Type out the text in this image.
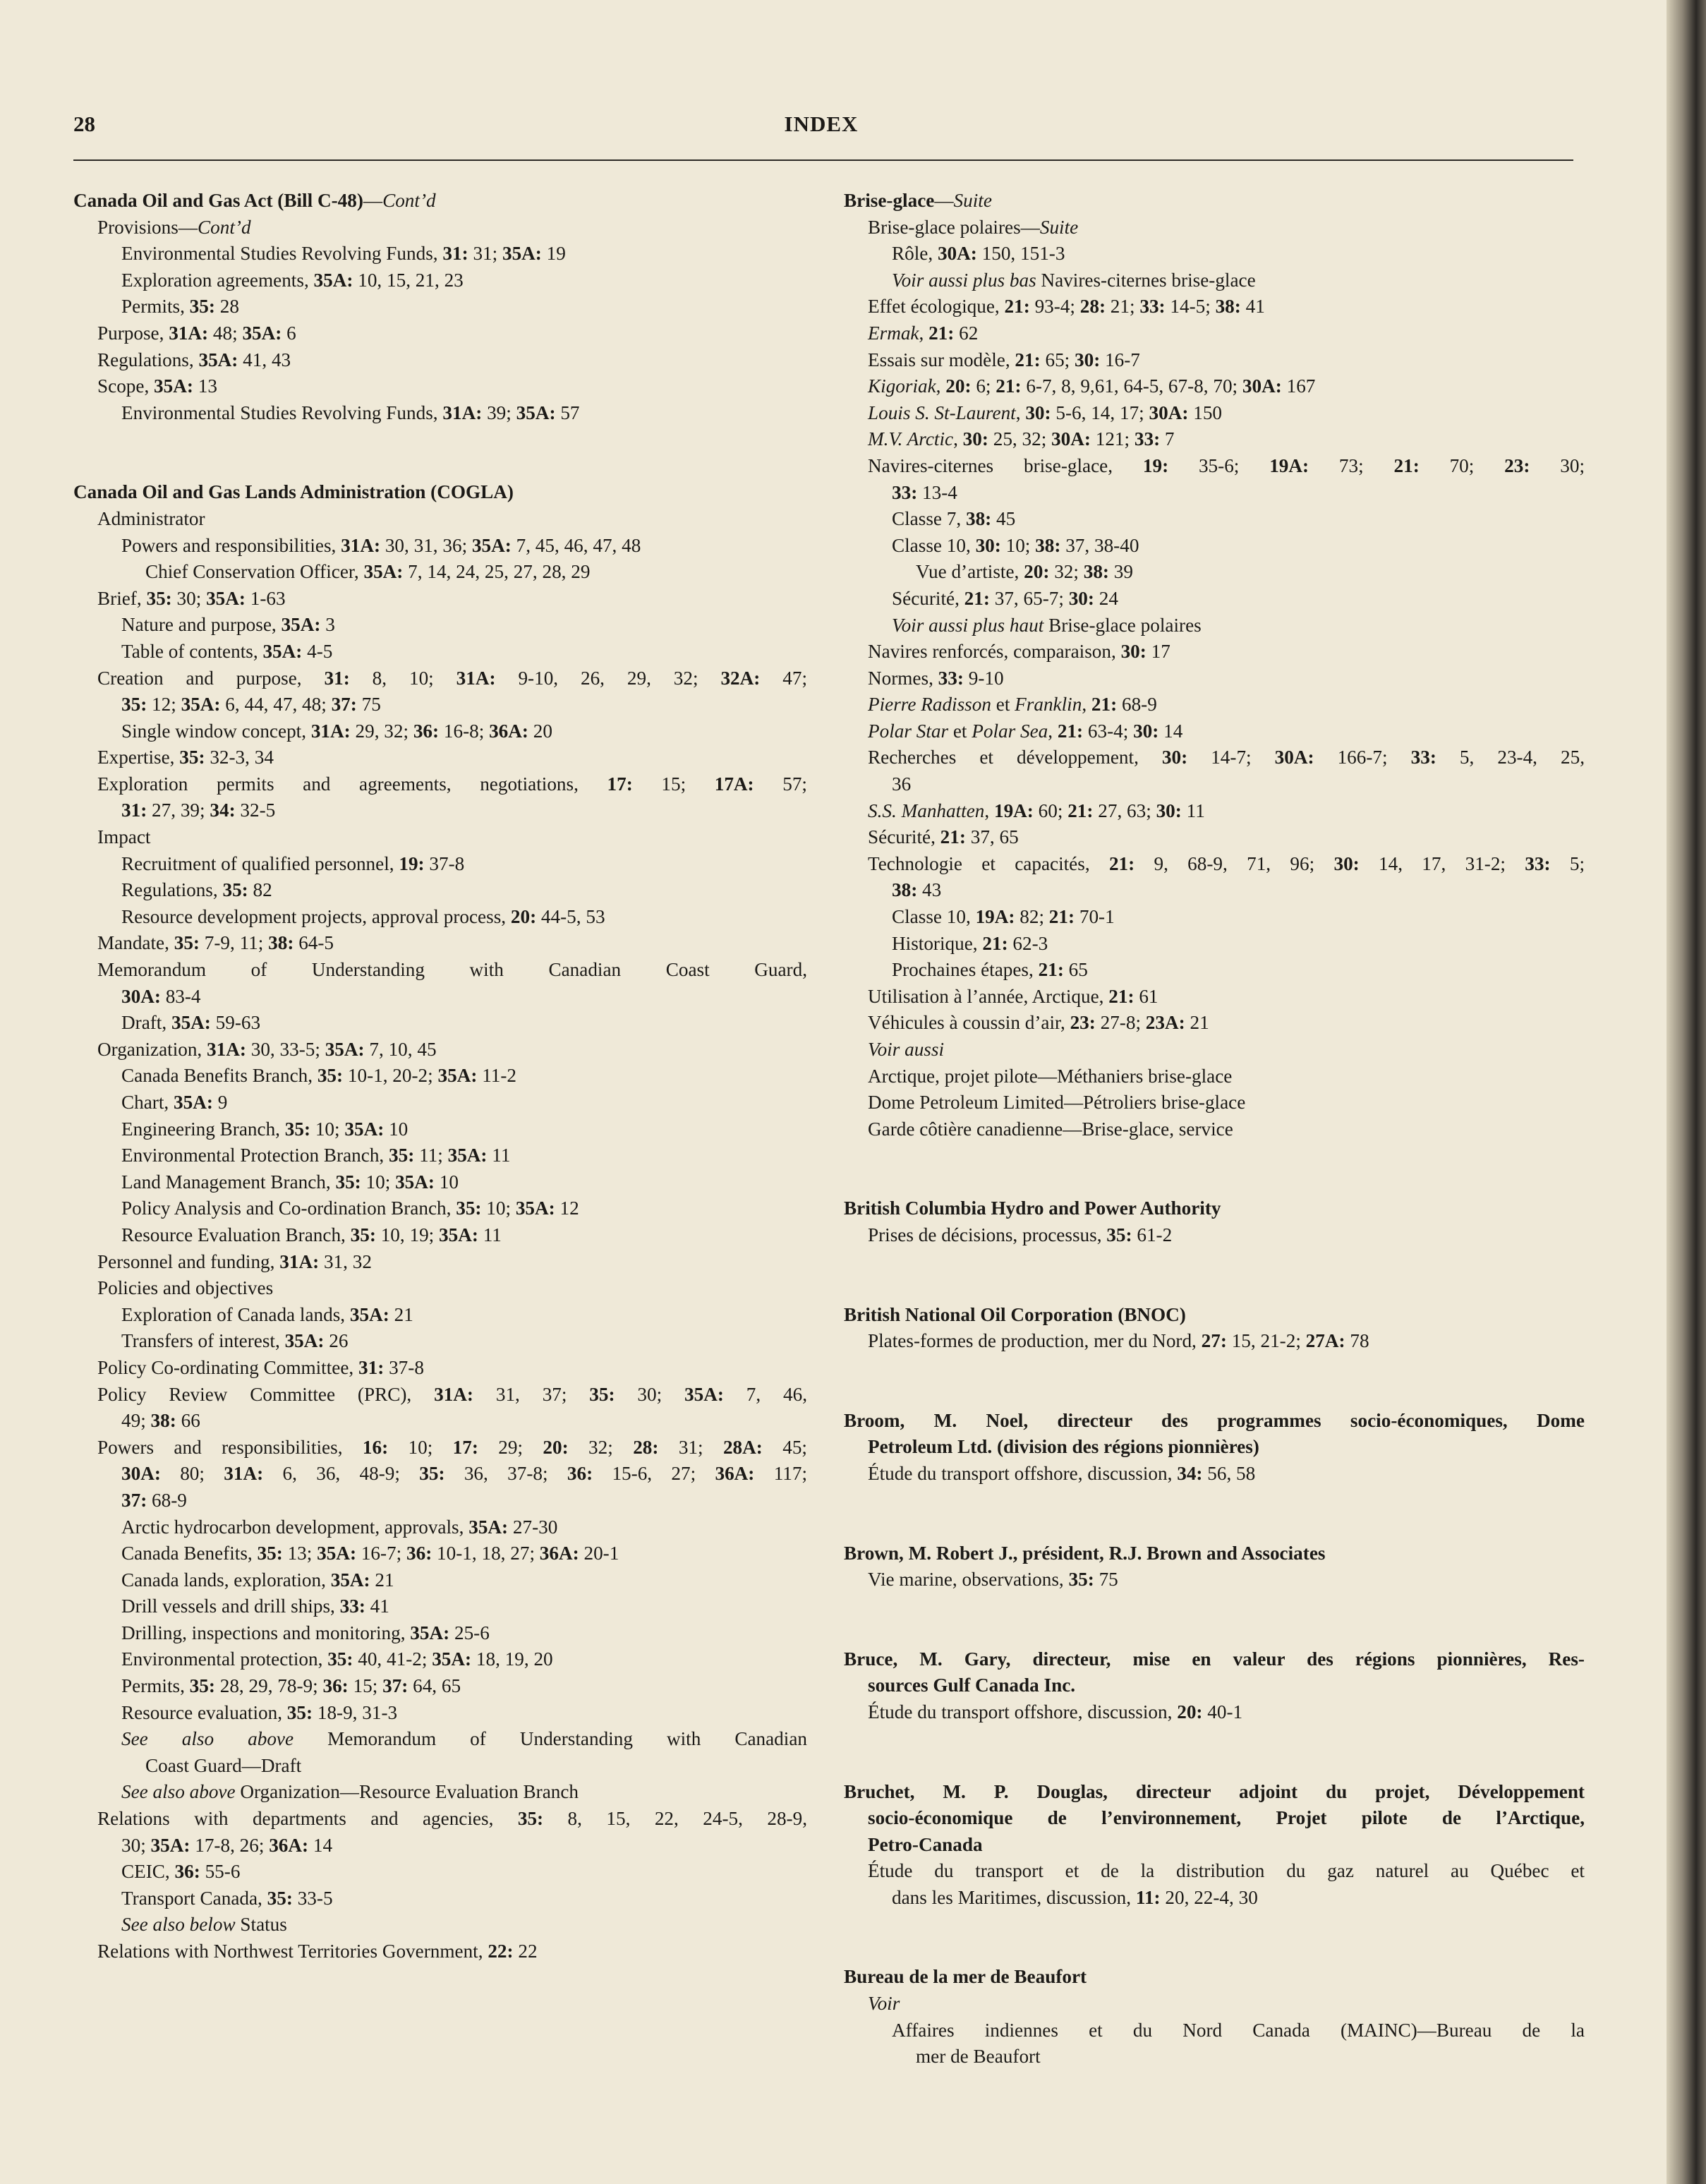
INDEX
28
Canada Oil and Gas Act (Bill C-48)—Cont’d
Provisions—Cont’d
Environmental Studies Revolving Funds, 31: 31; 35A: 19
Exploration agreements, 35A: 10, 15, 21, 23
Permits, 35: 28
Purpose, 31A: 48; 35A: 6
Regulations, 35A: 41, 43
Scope, 35A: 13
Environmental Studies Revolving Funds, 31A: 39; 35A: 57
Canada Oil and Gas Lands Administration (COGLA)
Administrator
Powers and responsibilities, 31A: 30, 31, 36; 35A: 7, 45, 46, 47, 48
Chief Conservation Officer, 35A: 7, 14, 24, 25, 27, 28, 29
Brief, 35: 30; 35A: 1-63
Nature and purpose, 35A: 3
Table of contents, 35A: 4-5
Creation and purpose, 31: 8, 10; 31A: 9-10, 26, 29, 32; 32A: 47;
35: 12; 35A: 6, 44, 47, 48; 37: 75
Single window concept, 31A: 29, 32; 36: 16-8; 36A: 20
Expertise, 35: 32-3, 34
Exploration permits and agreements, negotiations, 17: 15; 17A: 57;
31: 27, 39; 34: 32-5
Impact
Recruitment of qualified personnel, 19: 37-8
Regulations, 35: 82
Resource development projects, approval process, 20: 44-5, 53
Mandate, 35: 7-9, 11; 38: 64-5
Memorandum of Understanding with Canadian Coast Guard,
30A: 83-4
Draft, 35A: 59-63
Organization, 31A: 30, 33-5; 35A: 7, 10, 45
Canada Benefits Branch, 35: 10-1, 20-2; 35A: 11-2
Chart, 35A: 9
Engineering Branch, 35: 10; 35A: 10
Environmental Protection Branch, 35: 11; 35A: 11
Land Management Branch, 35: 10; 35A: 10
Policy Analysis and Co-ordination Branch, 35: 10; 35A: 12
Resource Evaluation Branch, 35: 10, 19; 35A: 11
Personnel and funding, 31A: 31, 32
Policies and objectives
Exploration of Canada lands, 35A: 21
Transfers of interest, 35A: 26
Policy Co-ordinating Committee, 31: 37-8
Policy Review Committee (PRC), 31A: 31, 37; 35: 30; 35A: 7, 46,
49; 38: 66
Powers and responsibilities, 16: 10; 17: 29; 20: 32; 28: 31; 28A: 45;
30A: 80; 31A: 6, 36, 48-9; 35: 36, 37-8; 36: 15-6, 27; 36A: 117;
37: 68-9
Arctic hydrocarbon development, approvals, 35A: 27-30
Canada Benefits, 35: 13; 35A: 16-7; 36: 10-1, 18, 27; 36A: 20-1
Canada lands, exploration, 35A: 21
Drill vessels and drill ships, 33: 41
Drilling, inspections and monitoring, 35A: 25-6
Environmental protection, 35: 40, 41-2; 35A: 18, 19, 20
Permits, 35: 28, 29, 78-9; 36: 15; 37: 64, 65
Resource evaluation, 35: 18-9, 31-3
See also above Memorandum of Understanding with Canadian
Coast Guard—Draft
See also above Organization—Resource Evaluation Branch
Relations with departments and agencies, 35: 8, 15, 22, 24-5, 28-9,
30; 35A: 17-8, 26; 36A: 14
CEIC, 36: 55-6
Transport Canada, 35: 33-5
See also below Status
Relations with Northwest Territories Government, 22: 22
Brise-glace—Suite
Brise-glace polaires—Suite
Rôle, 30A: 150, 151-3
Voir aussi plus bas Navires-citernes brise-glace
Effet écologique, 21: 93-4; 28: 21; 33: 14-5; 38: 41
Ermak, 21: 62
Essais sur modèle, 21: 65; 30: 16-7
Kigoriak, 20: 6; 21: 6-7, 8, 9,61, 64-5, 67-8, 70; 30A: 167
Louis S. St-Laurent, 30: 5-6, 14, 17; 30A: 150
M.V. Arctic, 30: 25, 32; 30A: 121; 33: 7
Navires-citernes brise-glace, 19: 35-6; 19A: 73; 21: 70; 23: 30;
33: 13-4
Classe 7, 38: 45
Classe 10, 30: 10; 38: 37, 38-40
Vue d’artiste, 20: 32; 38: 39
Sécurité, 21: 37, 65-7; 30: 24
Voir aussi plus haut Brise-glace polaires
Navires renforcés, comparaison, 30: 17
Normes, 33: 9-10
Pierre Radisson et Franklin, 21: 68-9
Polar Star et Polar Sea, 21: 63-4; 30: 14
Recherches et développement, 30: 14-7; 30A: 166-7; 33: 5, 23-4, 25,
36
S.S. Manhatten, 19A: 60; 21: 27, 63; 30: 11
Sécurité, 21: 37, 65
Technologie et capacités, 21: 9, 68-9, 71, 96; 30: 14, 17, 31-2; 33: 5;
38: 43
Classe 10, 19A: 82; 21: 70-1
Historique, 21: 62-3
Prochaines étapes, 21: 65
Utilisation à l’année, Arctique, 21: 61
Véhicules à coussin d’air, 23: 27-8; 23A: 21
Voir aussi
Arctique, projet pilote—Méthaniers brise-glace
Dome Petroleum Limited—Pétroliers brise-glace
Garde côtière canadienne—Brise-glace, service
British Columbia Hydro and Power Authority
Prises de décisions, processus, 35: 61-2
British National Oil Corporation (BNOC)
Plates-formes de production, mer du Nord, 27: 15, 21-2; 27A: 78
Broom, M. Noel, directeur des programmes socio-économiques, Dome
Petroleum Ltd. (division des régions pionnières)
Étude du transport offshore, discussion, 34: 56, 58
Brown, M. Robert J., président, R.J. Brown and Associates
Vie marine, observations, 35: 75
Bruce, M. Gary, directeur, mise en valeur des régions pionnières, Res-
sources Gulf Canada Inc.
Étude du transport offshore, discussion, 20: 40-1
Bruchet, M. P. Douglas, directeur adjoint du projet, Développement
socio-économique de l’environnement, Projet pilote de l’Arctique,
Petro-Canada
Étude du transport et de la distribution du gaz naturel au Québec et
dans les Maritimes, discussion, 11: 20, 22-4, 30
Bureau de la mer de Beaufort
Voir
Affaires indiennes et du Nord Canada (MAINC)—Bureau de la
mer de Beaufort
